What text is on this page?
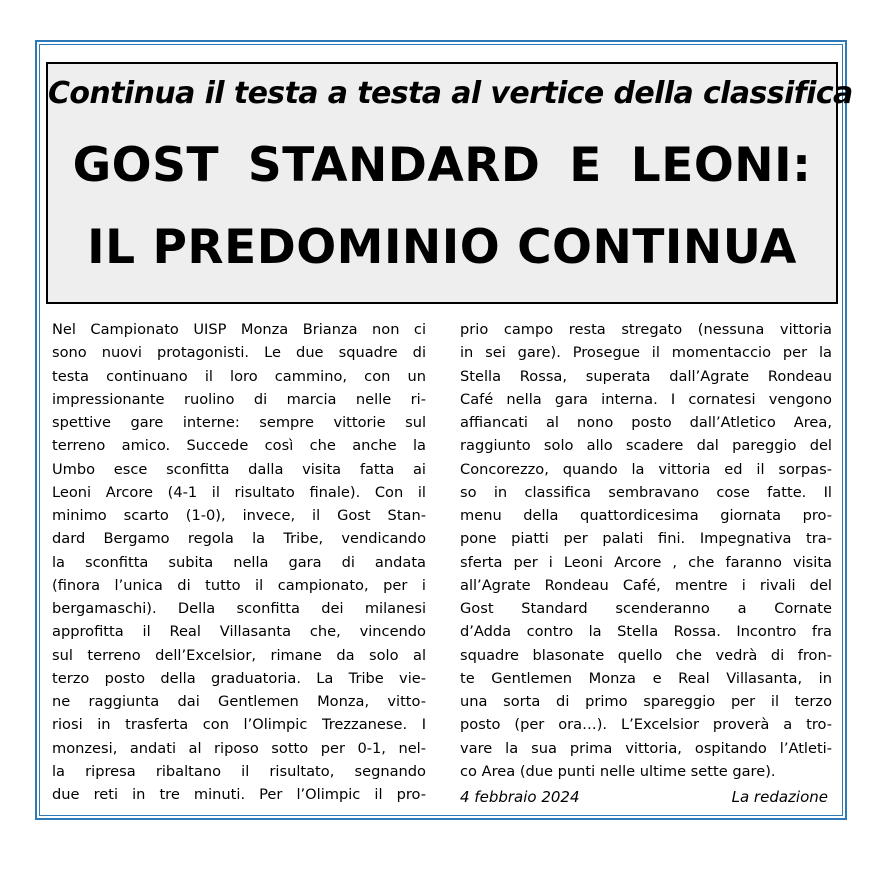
Continua il testa a testa al vertice della classifica
GOST STANDARD E LEONI:
IL PREDOMINIO CONTINUA
Nel Campionato UISP Monza Brianza non ci
sono nuovi protagonisti. Le due squadre di
testa continuano il loro cammino, con un
impressionante ruolino di marcia nelle ri-
spettive gare interne: sempre vittorie sul
terreno amico. Succede così che anche la
Umbo esce sconfitta dalla visita fatta ai
Leoni Arcore (4-1 il risultato finale). Con il
minimo scarto (1-0), invece, il Gost Stan-
dard Bergamo regola la Tribe, vendicando
la sconfitta subita nella gara di andata
(finora l’unica di tutto il campionato, per i
bergamaschi). Della sconfitta dei milanesi
approfitta il Real Villasanta che, vincendo
sul terreno dell’Excelsior, rimane da solo al
terzo posto della graduatoria. La Tribe vie-
ne raggiunta dai Gentlemen Monza, vitto-
riosi in trasferta con l’Olimpic Trezzanese. I
monzesi, andati al riposo sotto per 0-1, nel-
la ripresa ribaltano il risultato, segnando
due reti in tre minuti. Per l’Olimpic il pro-
prio campo resta stregato (nessuna vittoria
in sei gare). Prosegue il momentaccio per la
Stella Rossa, superata dall’Agrate Rondeau
Café nella gara interna. I cornatesi vengono
affiancati al nono posto dall’Atletico Area,
raggiunto solo allo scadere dal pareggio del
Concorezzo, quando la vittoria ed il sorpas-
so in classifica sembravano cose fatte. Il
menu della quattordicesima giornata pro-
pone piatti per palati fini. Impegnativa tra-
sferta per i Leoni Arcore , che faranno visita
all’Agrate Rondeau Café, mentre i rivali del
Gost Standard scenderanno a Cornate
d’Adda contro la Stella Rossa. Incontro fra
squadre blasonate quello che vedrà di fron-
te Gentlemen Monza e Real Villasanta, in
una sorta di primo spareggio per il terzo
posto (per ora…). L’Excelsior proverà a tro-
vare la sua prima vittoria, ospitando l’Atleti-
co Area (due punti nelle ultime sette gare).
4 febbraio 2024	La redazione
